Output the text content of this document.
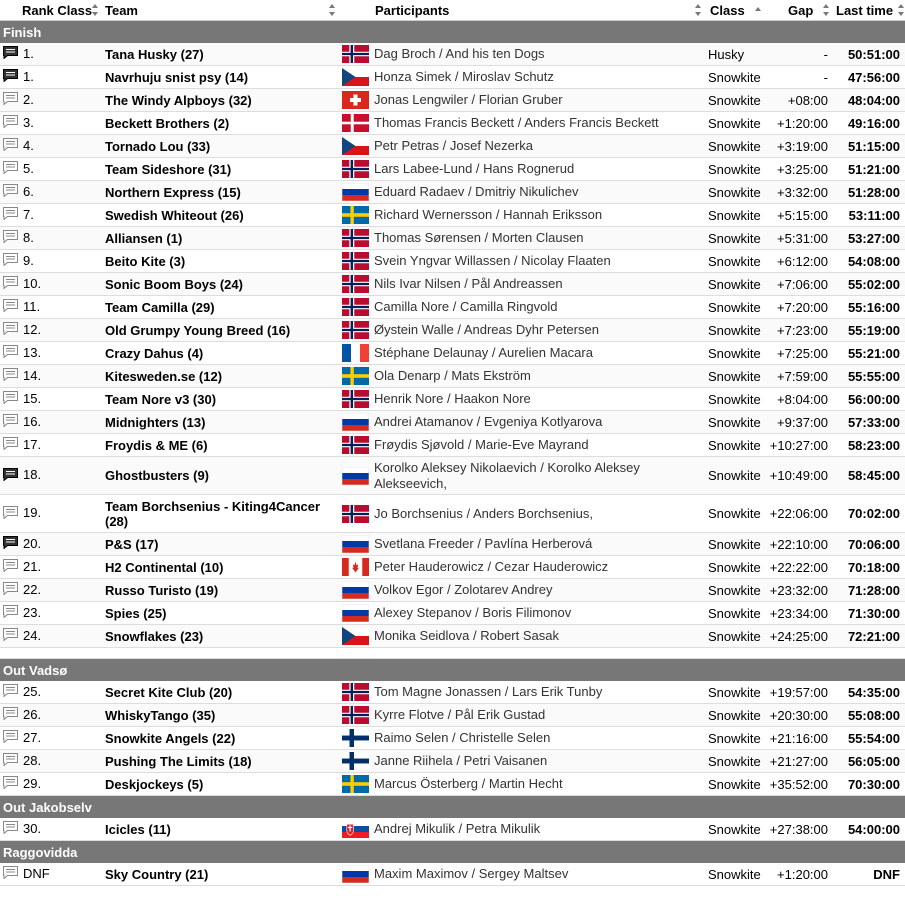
Rank Class	Team	Participants	Class	Gap	Last time

Finish					
1.	Tana Husky (27)	Dag Broch / And his ten Dogs	Husky	-	50:51:00
1.	Navrhuju snist psy (14)	Honza Simek / Miroslav Schutz	Snowkite	-	47:56:00
2.	The Windy Alpboys (32)	Jonas Lengwiler / Florian Gruber	Snowkite	+08:00	48:04:00
3.	Beckett Brothers (2)	Thomas Francis Beckett / Anders Francis Beckett	Snowkite	+1:20:00	49:16:00
4.	Tornado Lou (33)	Petr Petras / Josef Nezerka	Snowkite	+3:19:00	51:15:00
5.	Team Sideshore (31)	Lars Labee-Lund / Hans Rognerud	Snowkite	+3:25:00	51:21:00
6.	Northern Express (15)	Eduard Radaev / Dmitriy Nikulichev	Snowkite	+3:32:00	51:28:00
7.	Swedish Whiteout (26)	Richard Wernersson / Hannah Eriksson	Snowkite	+5:15:00	53:11:00
8.	Alliansen (1)	Thomas Sørensen / Morten Clausen	Snowkite	+5:31:00	53:27:00
9.	Beito Kite (3)	Svein Yngvar Willassen / Nicolay Flaaten	Snowkite	+6:12:00	54:08:00
10.	Sonic Boom Boys (24)	Nils Ivar Nilsen / Pål Andreassen	Snowkite	+7:06:00	55:02:00
11.	Team Camilla (29)	Camilla Nore / Camilla Ringvold	Snowkite	+7:20:00	55:16:00
12.	Old Grumpy Young Breed (16)	Øystein Walle / Andreas Dyhr Petersen	Snowkite	+7:23:00	55:19:00
13.	Crazy Dahus (4)	Stéphane Delaunay / Aurelien Macara	Snowkite	+7:25:00	55:21:00
14.	Kitesweden.se (12)	Ola Denarp / Mats Ekström	Snowkite	+7:59:00	55:55:00
15.	Team Nore v3 (30)	Henrik Nore / Haakon Nore	Snowkite	+8:04:00	56:00:00
16.	Midnighters (13)	Andrei Atamanov / Evgeniya Kotlyarova	Snowkite	+9:37:00	57:33:00
17.	Froydis & ME (6)	Frøydis Sjøvold / Marie-Eve Mayrand	Snowkite	+10:27:00	58:23:00
18.	Ghostbusters (9)	Korolko Aleksey Nikolaevich / Korolko Aleksey Alekseevich,	Snowkite	+10:49:00	58:45:00
19.	Team Borchsenius - Kiting4Cancer (28)	Jo Borchsenius / Anders Borchsenius,	Snowkite	+22:06:00	70:02:00
20.	P&S (17)	Svetlana Freeder / Pavlína Herberová	Snowkite	+22:10:00	70:06:00
21.	H2 Continental (10)	Peter Hauderowicz / Cezar Hauderowicz	Snowkite	+22:22:00	70:18:00
22.	Russo Turisto (19)	Volkov Egor / Zolotarev Andrey	Snowkite	+23:32:00	71:28:00
23.	Spies (25)	Alexey Stepanov / Boris Filimonov	Snowkite	+23:34:00	71:30:00
24.	Snowflakes (23)	Monika Seidlova / Robert Sasak	Snowkite	+24:25:00	72:21:00

Out Vadsø					
25.	Secret Kite Club (20)	Tom Magne Jonassen / Lars Erik Tunby	Snowkite	+19:57:00	54:35:00
26.	WhiskyTango (35)	Kyrre Flotve / Pål Erik Gustad	Snowkite	+20:30:00	55:08:00
27.	Snowkite Angels (22)	Raimo Selen / Christelle Selen	Snowkite	+21:16:00	55:54:00
28.	Pushing The Limits (18)	Janne Riihela / Petri Vaisanen	Snowkite	+21:27:00	56:05:00
29.	Deskjockeys (5)	Marcus Österberg / Martin Hecht	Snowkite	+35:52:00	70:30:00
Out Jakobselv					
30.	Icicles (11)	Andrej Mikulik / Petra Mikulik	Snowkite	+27:38:00	54:00:00
Raggovidda					
DNF	Sky Country (21)	Maxim Maximov / Sergey Maltsev	Snowkite	+1:20:00	DNF
